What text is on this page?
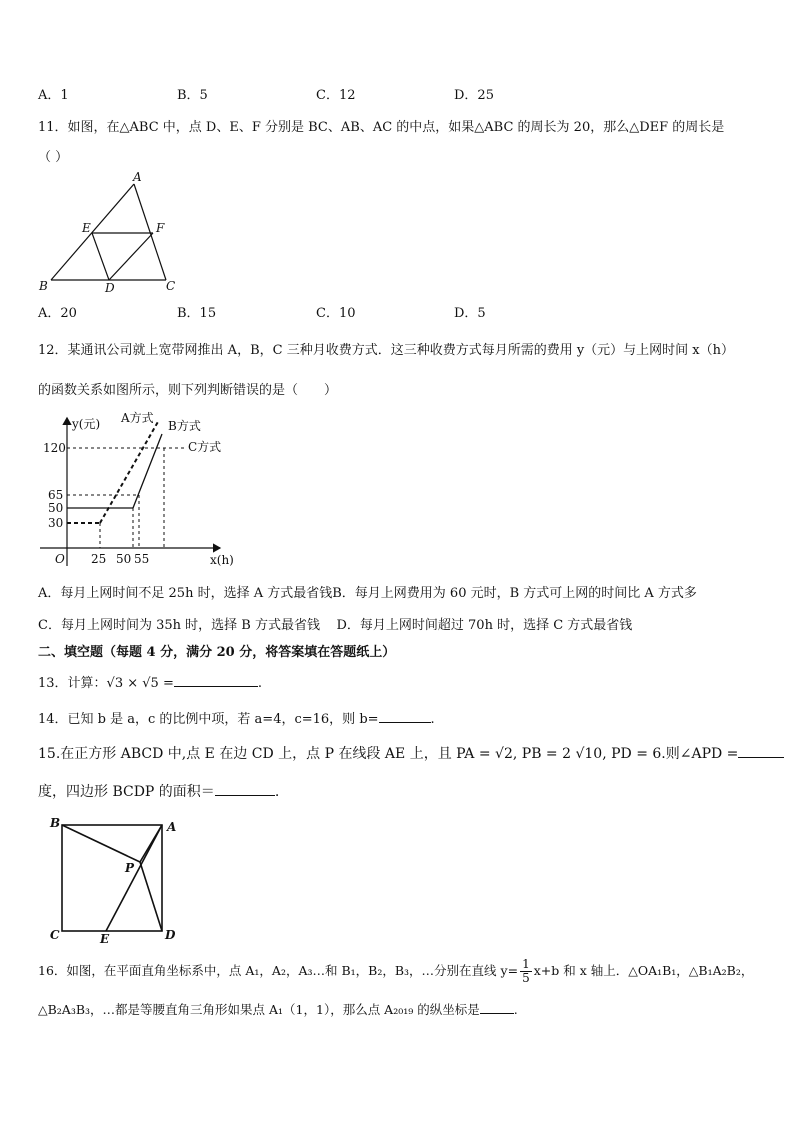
A．1	B．5	C．12	D．25
11．如图，在△ABC 中，点 D、E、F 分别是 BC、AB、AC 的中点，如果△ABC 的周长为 20，那么△DEF 的周长是
（ ）
A
E	F
B	D	C
A．20	B．15	C．10	D．5
12．某通讯公司就上宽带网推出 A，B，C 三种月收费方式．这三种收费方式每月所需的费用 y（元）与上网时间 x（h）
的函数关系如图所示，则下列判断错误的是（　　）
y(元)
x(h)
O
A方式
B方式
C方式
120
65
50
30
25 50 55
A．每月上网时间不足 25h 时，选择 A 方式最省钱B．每月上网费用为 60 元时，B 方式可上网的时间比 A 方式多
C．每月上网时间为 35h 时，选择 B 方式最省钱 D．每月上网时间超过 70h 时，选择 C 方式最省钱
二、填空题（每题 4 分，满分 20 分，将答案填在答题纸上）
13．计算：√3 × √5 =	.
14．已知 b 是 a，c 的比例中项，若 a=4，c=16，则 b=	.
15.在正方形 ABCD 中,点 E 在边 CD 上，点 P 在线段 AE 上，且 PA = √2, PB = 2 √10, PD = 6.则∠APD =
度，四边形 BCDP 的面积＝	.
B	A
P
C	E	D
16．如图，在平面直角坐标系中，点 A₁，A₂，A₃…和 B₁，B₂，B₃，…分别在直线 $y= \frac{1}{5} x+b$ 和 x 轴上．△OA₁B₁，△B₁A₂B₂，
△B₂A₃B₃，…都是等腰直角三角形如果点 A₁（1，1），那么点 A₂₀₁₉ 的纵坐标是	.
